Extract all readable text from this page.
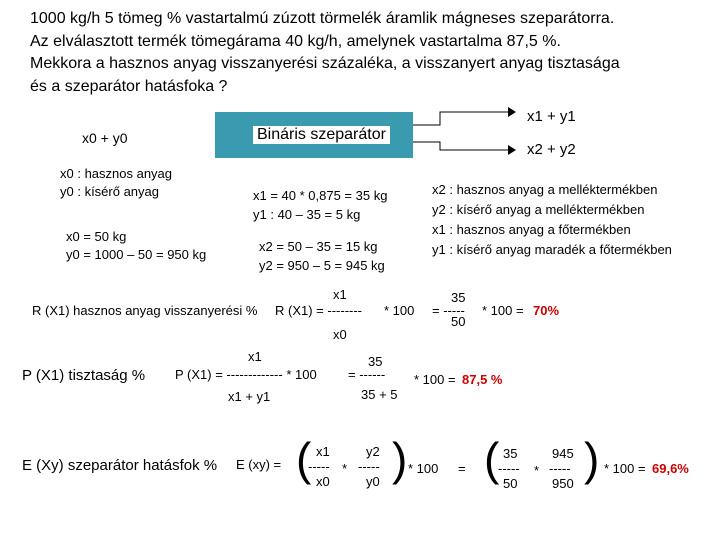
1000 kg/h 5 tömeg % vastartalmú zúzott törmelék áramlik mágneses szeparátorra.
Az elválasztott termék tömegárama 40 kg/h, amelynek vastartalma 87,5 %.
Mekkora a hasznos anyag visszanyerési százaléka, a visszanyert anyag tisztasága
és a szeparátor hatásfoka ?
Bináris szeparátor
x0 + y0
x1 + y1
x2 + y2
x0 : hasznos anyag
y0 : kísérő anyag
x0 = 50 kg
y0 = 1000 – 50 = 950 kg
x1 = 40 * 0,875 = 35 kg
y1 : 40 – 35 = 5 kg
x2 = 50 – 35 = 15 kg
y2 = 950 – 5 = 945 kg
x2 : hasznos anyag a melléktermékben
y2 : kísérő anyag a melléktermékben
x1 : hasznos anyag a főtermékben
y1 : kísérő anyag maradék a főtermékben
R (X1) hasznos anyag visszanyerési %
x1
R (X1) = --------
x0
* 100
35
= -----
50
* 100 = 70%
P (X1) tisztaság %
x1
P (X1) = ------------- * 100
x1 + y1
35
= ------
35 + 5
* 100 = 87,5 %
E (Xy) szeparátor hatásfok % E (xy) = ( x1
-----
x0
*
y2
-----
y0 ) * 100 = ( 35
-----
50
*
945
-----
950 ) * 100 = 69,6%
